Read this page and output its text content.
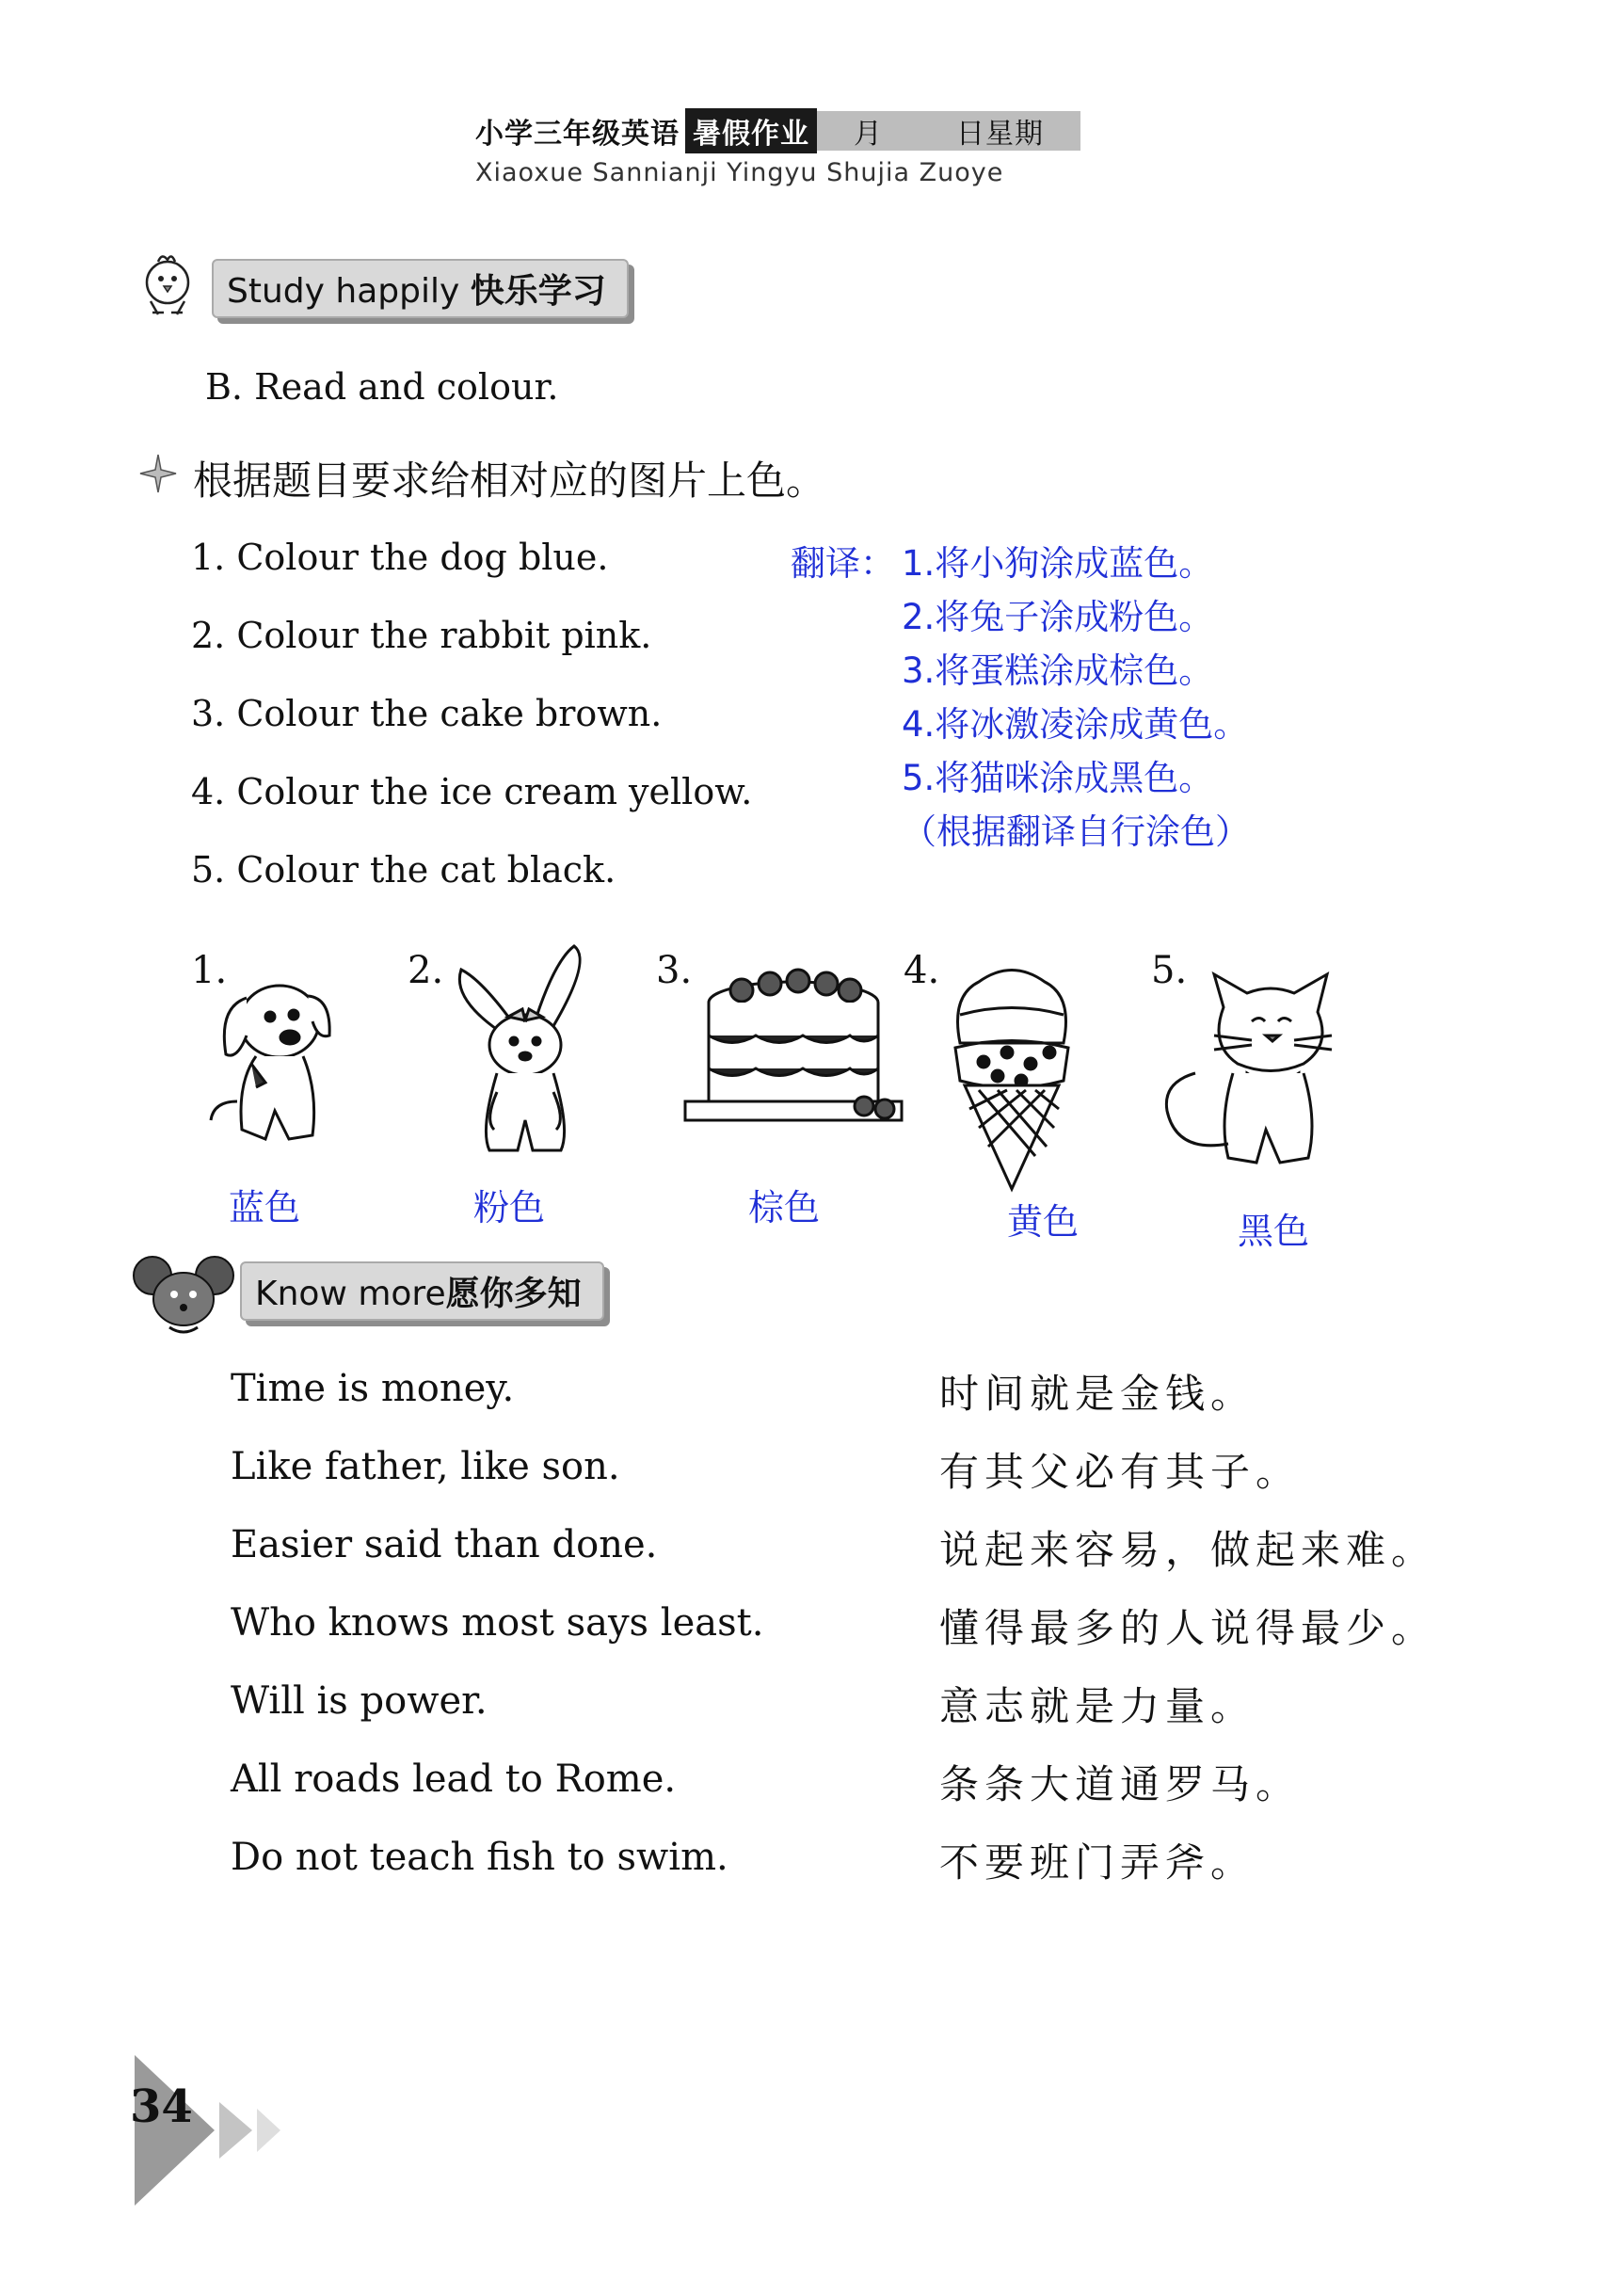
小学三年级英语 暑假作业 月	日星期
Xiaoxue Sannianji Yingyu Shujia Zuoye
Study happily 快乐学习
B. Read and colour.
根据题目要求给相对应的图片上色。
1. Colour the dog blue.
2. Colour the rabbit pink.
3. Colour the cake brown.
4. Colour the ice cream yellow.
5. Colour the cat black.
翻译： 1.将小狗涂成蓝色。
2.将兔子涂成粉色。
3.将蛋糕涂成棕色。
4.将冰激凌涂成黄色。
5.将猫咪涂成黑色。
（根据翻译自行涂色）
1.	2.	3.	4.	5.
蓝色	粉色	棕色	黄色	黑色
Know more愿你多知
Time is money.	时间就是金钱。
Like father, like son.	有其父必有其子。
Easier said than done.	说起来容易，做起来难。
Who knows most says least.	懂得最多的人说得最少。
Will is power.	意志就是力量。
All roads lead to Rome.	条条大道通罗马。
Do not teach fish to swim.	不要班门弄斧。
34
